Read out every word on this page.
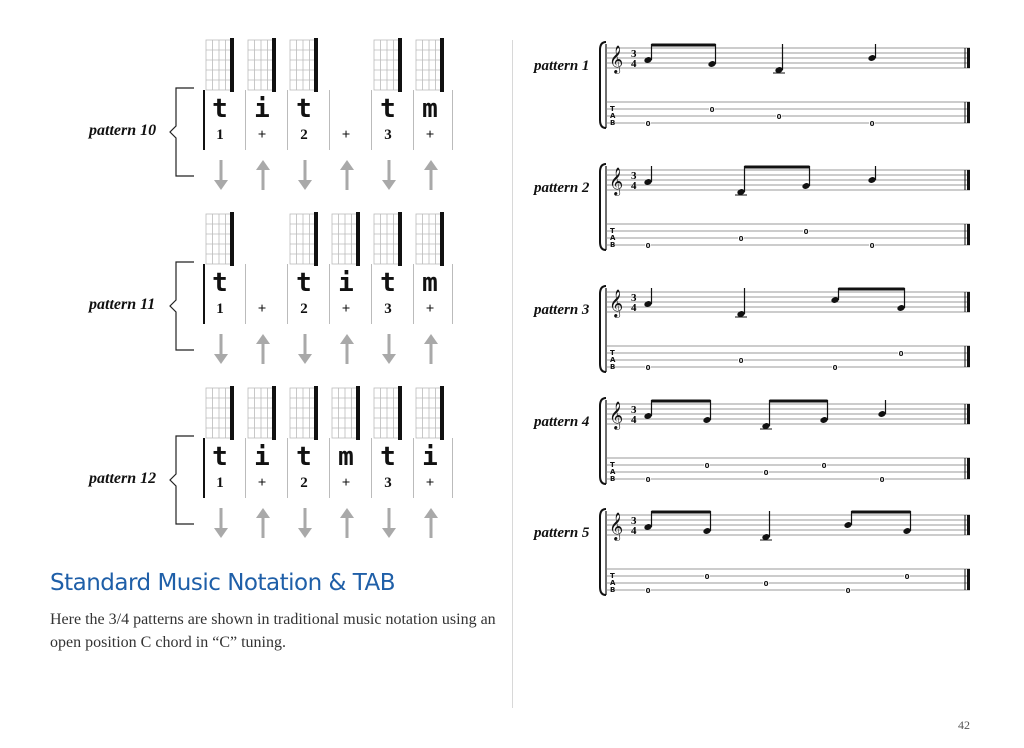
pattern 10
t
1
i
+
t
2	+
t
3
m
+
pattern 11
t
1	+
t
2
i
+
t
3
m
+
pattern 12
t
1
i
+
t
2
m
+
t
3
i
+
Standard Music Notation & TAB
Here the 3/4 patterns are shown in traditional music notation using an open position C chord in “C” tuning.
pattern 1 𝄞
T
A
B
3
4
0
0
0
0
pattern 2 𝄞
T
A
B
3
4
0
0
0
0
pattern 3 𝄞
T
A
B
3
4
0
0
0
0
pattern 4 𝄞
T
A
B
3
4
0
0
0
0
0
pattern 5 𝄞
T
A
B
3
4
0
0
0
0
0
42
